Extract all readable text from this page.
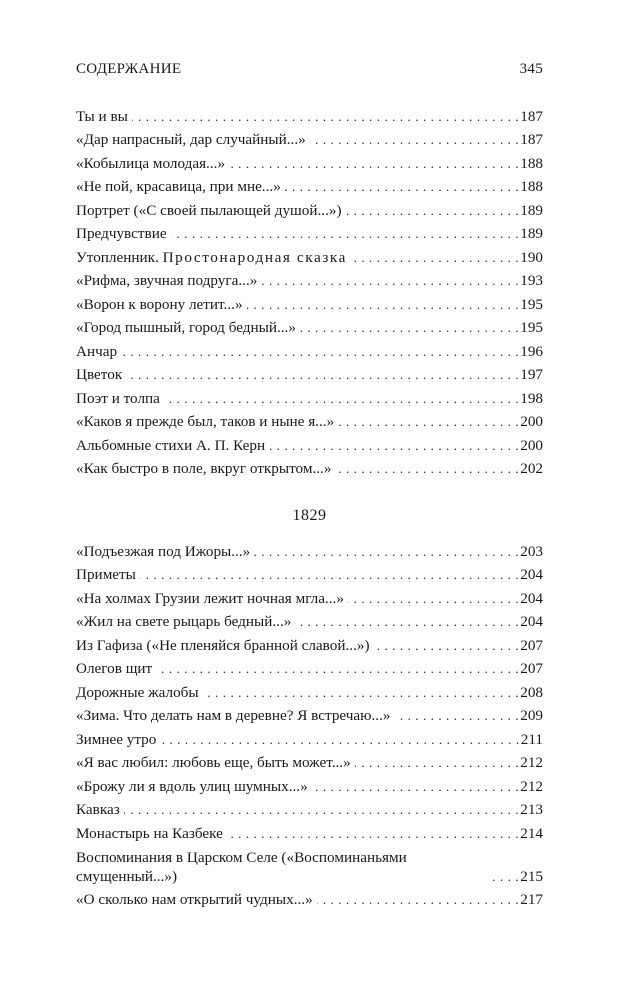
СОДЕРЖАНИЕ	345
Ты и вы . . .	187
«Дар напрасный, дар случайный...» . . .	187
«Кобылица молодая...» . . .	188
«Не пой, красавица, при мне...» . . .	188
Портрет («С своей пылающей душой...») . . .	189
Предчувствие . . .	189
Утопленник. Простонародная сказка . . .	190
«Рифма, звучная подруга...» . . .	193
«Ворон к ворону летит...» . . .	195
«Город пышный, город бедный...» . . .	195
Анчар . . .	196
Цветок . . .	197
Поэт и толпа . . .	198
«Каков я прежде был, таков и ныне я...» . . .	200
Альбомные стихи А. П. Керн . . .	200
«Как быстро в поле, вкруг открытом...» . . .	202
1829
«Подъезжая под Ижоры...» . . .	203
Приметы . . .	204
«На холмах Грузии лежит ночная мгла...» . . .	204
«Жил на свете рыцарь бедный...» . . .	204
Из Гафиза («Не пленяйся бранной славой...») . . .	207
Олегов щит . . .	207
Дорожные жалобы . . .	208
«Зима. Что делать нам в деревне? Я встречаю...» . . .	209
Зимнее утро . . .	211
«Я вас любил: любовь еще, быть может...» . . .	212
«Брожу ли я вдоль улиц шумных...» . . .	212
Кавказ . . .	213
Монастырь на Казбеке . . .	214
Воспоминания в Царском Селе («Воспоминаньями смущенный...») . . .	215
«О сколько нам открытий чудных...» . . .	217
